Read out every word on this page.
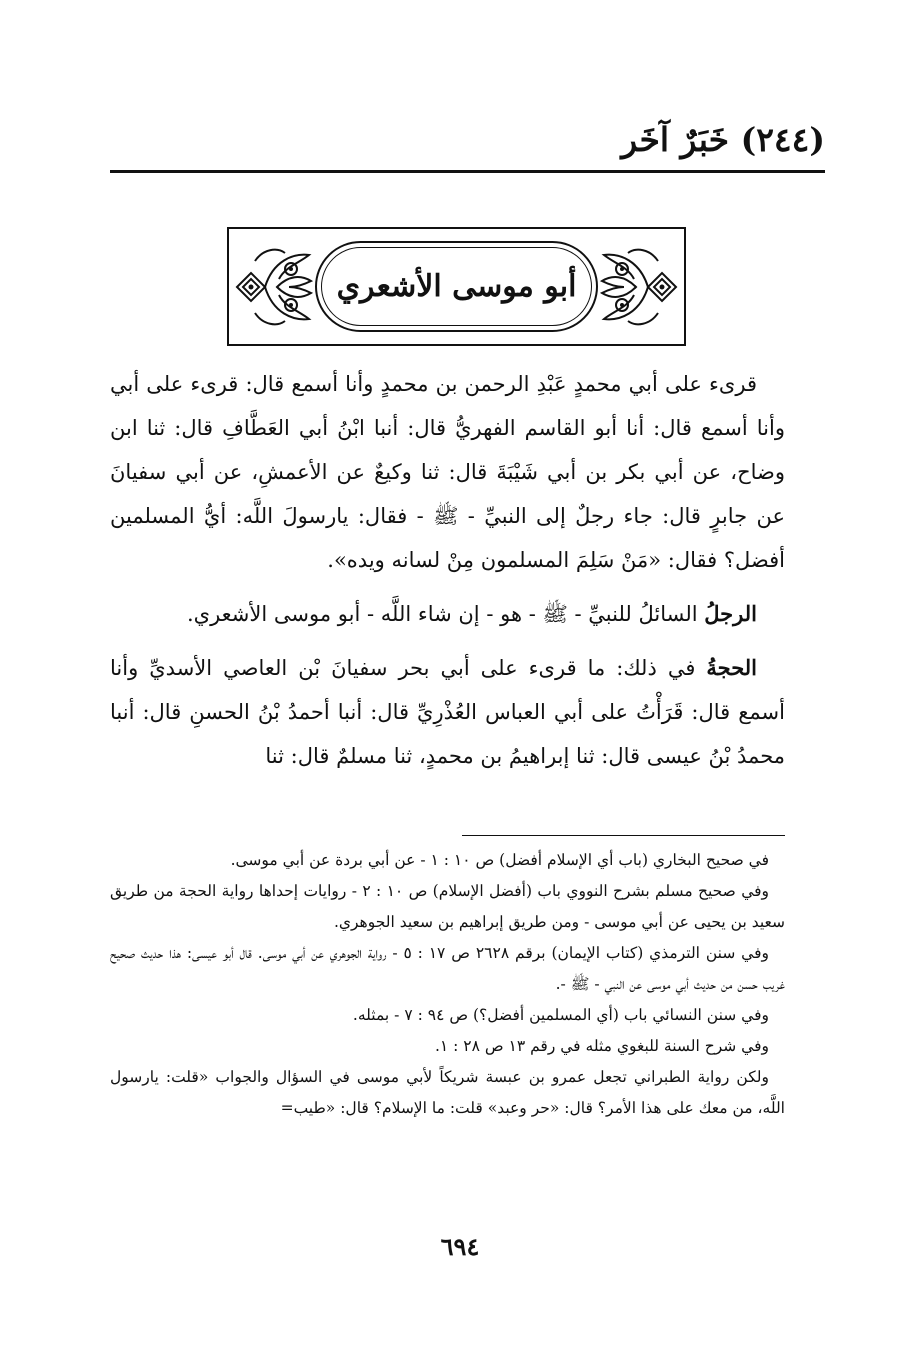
(٢٤٤) خَبَرٌ آخَر
أبو موسى الأشعري

قرىء على أبي محمدٍ عَبْدِ الرحمن بن محمدٍ وأنا أسمع قال: قرىء على أبي وأنا أسمع قال: أنا أبو القاسم الفهريُّ قال: أنبا ابْنُ أبي العَطَّافِ قال: ثنا ابن وضاح، عن أبي بكر بن أبي شَيْبَةَ قال: ثنا وكيعٌ عن الأعمشِ، عن أبي سفيانَ عن جابرٍ قال: جاء رجلٌ إلى النبيِّ - ﷺ - فقال: يارسولَ اللَّه: أيُّ المسلمين أفضل؟ فقال: «مَنْ سَلِمَ المسلمون مِنْ لسانه ويده».

الرجلُ السائلُ للنبيِّ - ﷺ - هو - إن شاء اللَّه - أبو موسى الأشعري.

الحجةُ في ذلك: ما قرىء على أبي بحر سفيانَ بْن العاصي الأسديِّ وأنا أسمع قال: قَرَأْتُ على أبي العباس العُذْرِيِّ قال: أنبا أحمدُ بْنُ الحسنِ قال: أنبا محمدُ بْنُ عيسى قال: ثنا إبراهيمُ بن محمدٍ، ثنا مسلمٌ قال: ثنا

في صحيح البخاري (باب أي الإسلام أفضل) ص ١٠ : ١ - عن أبي بردة عن أبي موسى.

وفي صحيح مسلم بشرح النووي باب (أفضل الإسلام) ص ١٠ : ٢ - روايات إحداها رواية الحجة من طريق سعيد بن يحيى عن أبي موسى - ومن طريق إبراهيم بن سعيد الجوهري.

وفي سنن الترمذي (كتاب الإيمان) برقم ٢٦٢٨ ص ١٧ : ٥ - رواية الجوهري عن أبي موسى. قال أبو عيسى: هذا حديث صحيح غريب حسن من حديث أبي موسى عن النبي - ﷺ -.

وفي سنن النسائي باب (أي المسلمين أفضل؟) ص ٩٤ : ٧ - بمثله.

وفي شرح السنة للبغوي مثله في رقم ١٣ ص ٢٨ : ١.

ولكن رواية الطبراني تجعل عمرو بن عبسة شريكاً لأبي موسى في السؤال والجواب «قلت: يارسول اللَّه، من معك على هذا الأمر؟ قال: «حر وعبد» قلت: ما الإسلام؟ قال: «طيب=

٦٩٤
